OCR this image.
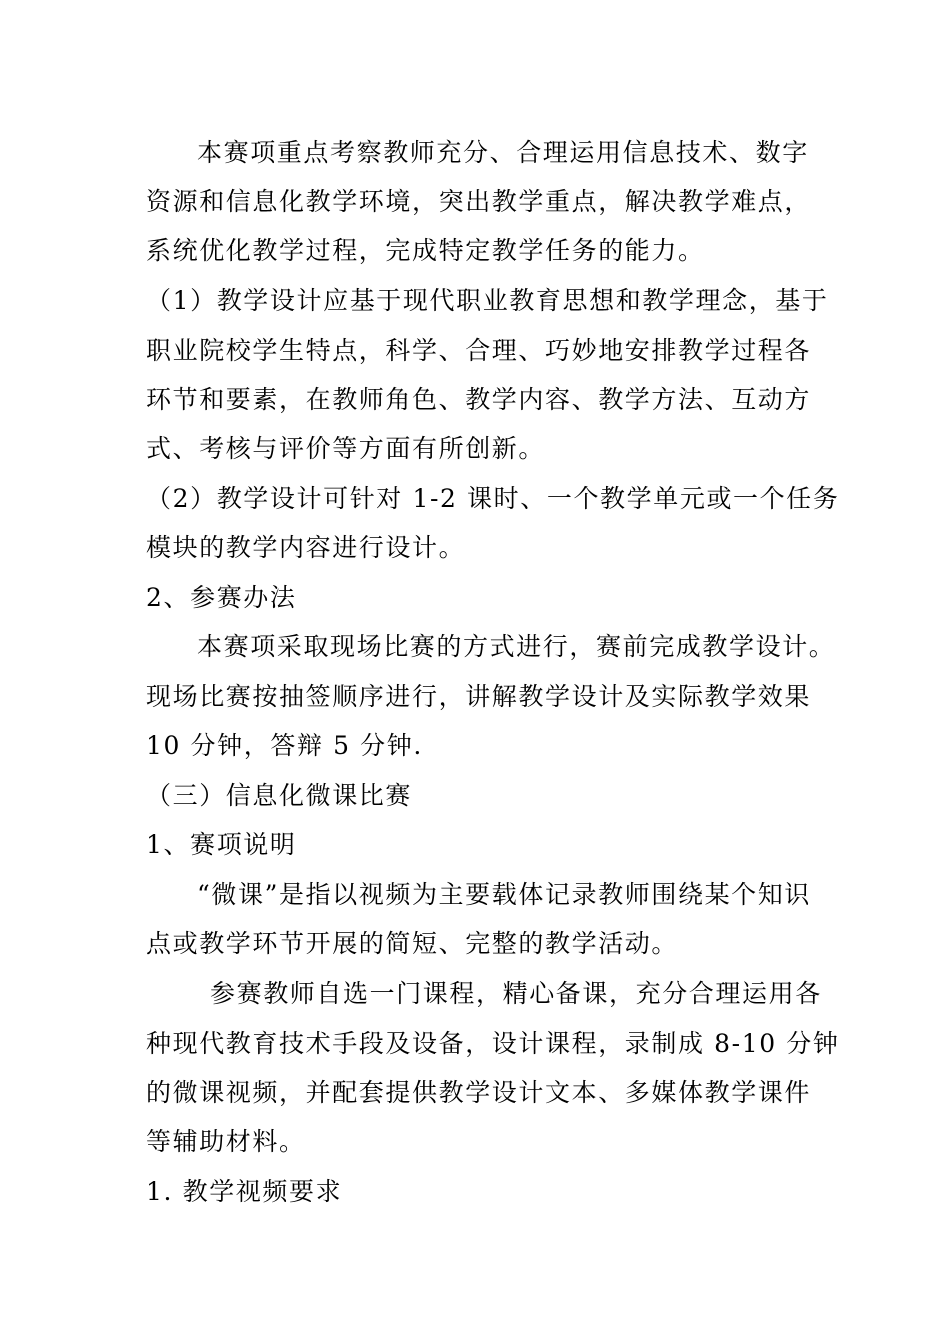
本赛项重点考察教师充分、合理运用信息技术、数字
资源和信息化教学环境，突出教学重点，解决教学难点，
系统优化教学过程，完成特定教学任务的能力。
（1）教学设计应基于现代职业教育思想和教学理念，基于
职业院校学生特点，科学、合理、巧妙地安排教学过程各
环节和要素，在教师角色、教学内容、教学方法、互动方
式、考核与评价等方面有所创新。
（2）教学设计可针对 1-2 课时、一个教学单元或一个任务
模块的教学内容进行设计。
2、参赛办法
本赛项采取现场比赛的方式进行，赛前完成教学设计。
现场比赛按抽签顺序进行，讲解教学设计及实际教学效果
10 分钟，答辩 5 分钟.
（三）信息化微课比赛
1、赛项说明
“微课”是指以视频为主要载体记录教师围绕某个知识
点或教学环节开展的简短、完整的教学活动。
参赛教师自选一门课程，精心备课，充分合理运用各
种现代教育技术手段及设备，设计课程，录制成 8-10 分钟
的微课视频，并配套提供教学设计文本、多媒体教学课件
等辅助材料。
1. 教学视频要求
